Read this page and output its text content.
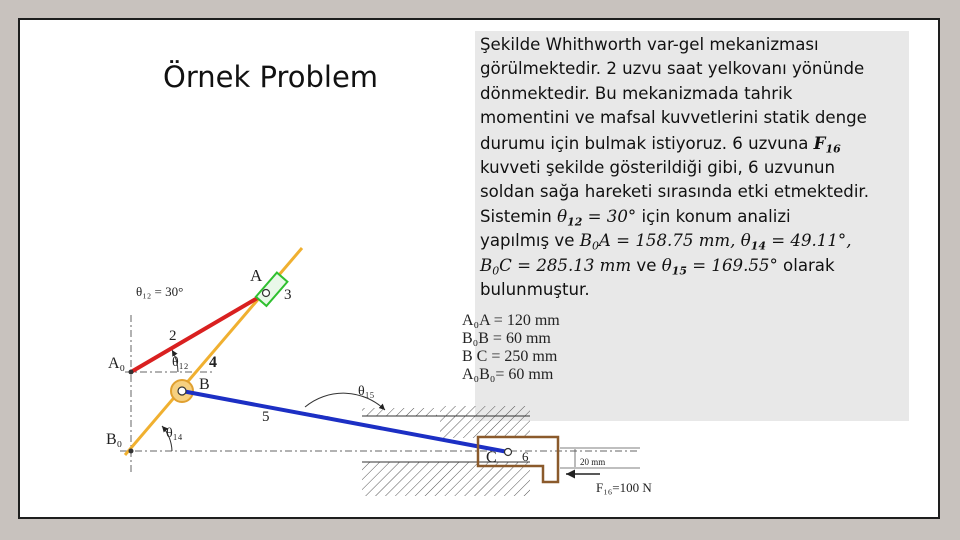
Örnek Problem

Şekilde Whithworth var-gel mekanizması

görülmektedir. 2 uzvu saat yelkovanı yönünde

dönmektedir. Bu mekanizmada tahrik

momentini ve mafsal kuvvetlerini statik denge

durumu için bulmak istiyoruz. 6 uzvuna $F_{16}$

kuvveti şekilde gösterildiği gibi, 6 uzvunun

soldan sağa hareketi sırasında etki etmektedir.

Sistemin $\theta_{12} = 30^\circ$ için konum analizi

yapılmış ve $B_0A = 158.75$ mm, $\theta_{14} = 49.11^\circ$,

$B_0C = 285.13$ mm ve $\theta_{15} = 169.55^\circ$ olarak

bulunmuştur.

θ₁₂ = 30°
A
3
2
4
A₀	θ₁₂
B	θ₁₅
5
B₀	θ₁₄
C 6	20 mm
F₁₆=100 N
A₀A = 120 mm
B₀B = 60 mm
B C = 250 mm
A₀B₀= 60 mm
